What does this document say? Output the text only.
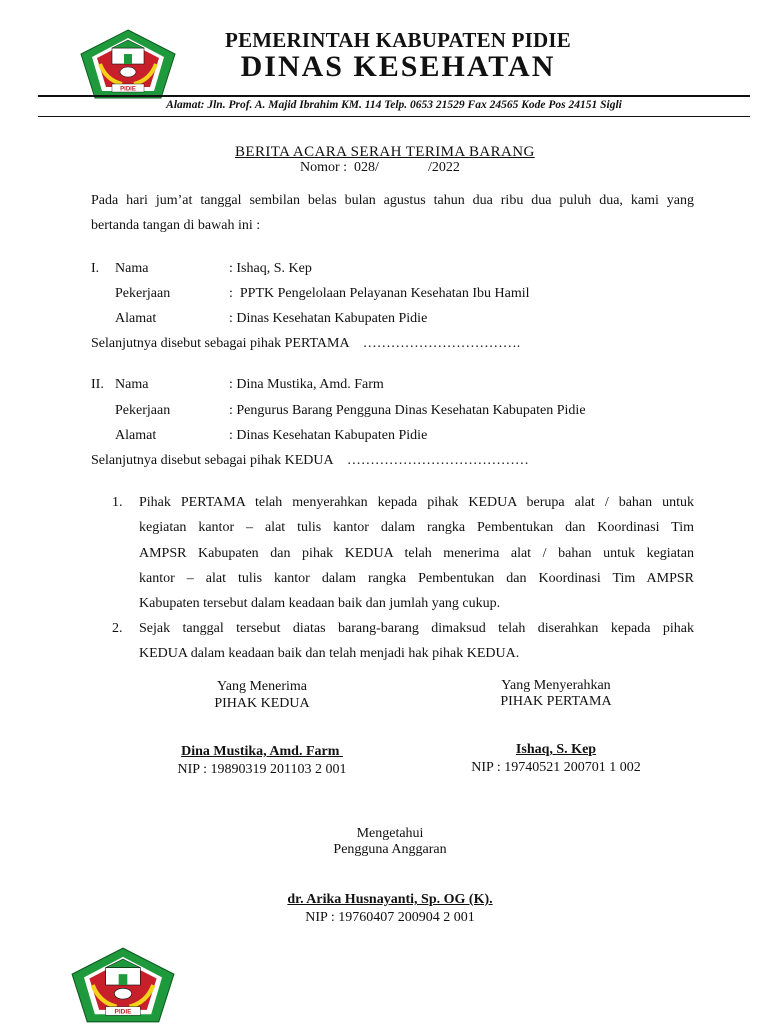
PIDIE
PEMERINTAH KABUPATEN PIDIE
DINAS KESEHATAN
Alamat: Jln. Prof. A. Majid Ibrahim KM. 114 Telp. 0653 21529 Fax 24565 Kode Pos 24151 Sigli
BERITA ACARA SERAH TERIMA BARANG
Nomor :  028/              /2022
Pada hari jum’at tanggal sembilan belas bulan agustus tahun dua ribu dua puluh dua, kami yang
bertanda tangan di bawah ini :
I. Nama	: Ishaq, S. Kep
Pekerjaan	:  PPTK Pengelolaan Pelayanan Kesehatan Ibu Hamil
Alamat	: Dinas Kesehatan Kabupaten Pidie
Selanjutnya disebut sebagai pihak PERTAMA    …………………………….
II. Nama	: Dina Mustika, Amd. Farm
Pekerjaan	: Pengurus Barang Pengguna Dinas Kesehatan Kabupaten Pidie
Alamat	: Dinas Kesehatan Kabupaten Pidie
Selanjutnya disebut sebagai pihak KEDUA    …………………………………
1. Pihak PERTAMA telah menyerahkan kepada pihak KEDUA berupa alat / bahan untuk
kegiatan kantor – alat tulis kantor dalam rangka Pembentukan dan Koordinasi Tim
AMPSR Kabupaten dan pihak KEDUA telah menerima alat / bahan untuk kegiatan
kantor – alat tulis kantor dalam rangka Pembentukan dan Koordinasi Tim AMPSR
Kabupaten tersebut dalam keadaan baik dan jumlah yang cukup.
2. Sejak tanggal tersebut diatas barang-barang dimaksud telah diserahkan kepada pihak
KEDUA dalam keadaan baik dan telah menjadi hak pihak KEDUA.
Yang Menerima
PIHAK KEDUA
Dina Mustika, Amd. Farm
NIP : 19890319 201103 2 001
Yang Menyerahkan
PIHAK PERTAMA
Ishaq, S. Kep
NIP : 19740521 200701 1 002
Mengetahui
Pengguna Anggaran
dr. Arika Husnayanti, Sp. OG (K).
NIP : 19760407 200904 2 001
PIDIE
